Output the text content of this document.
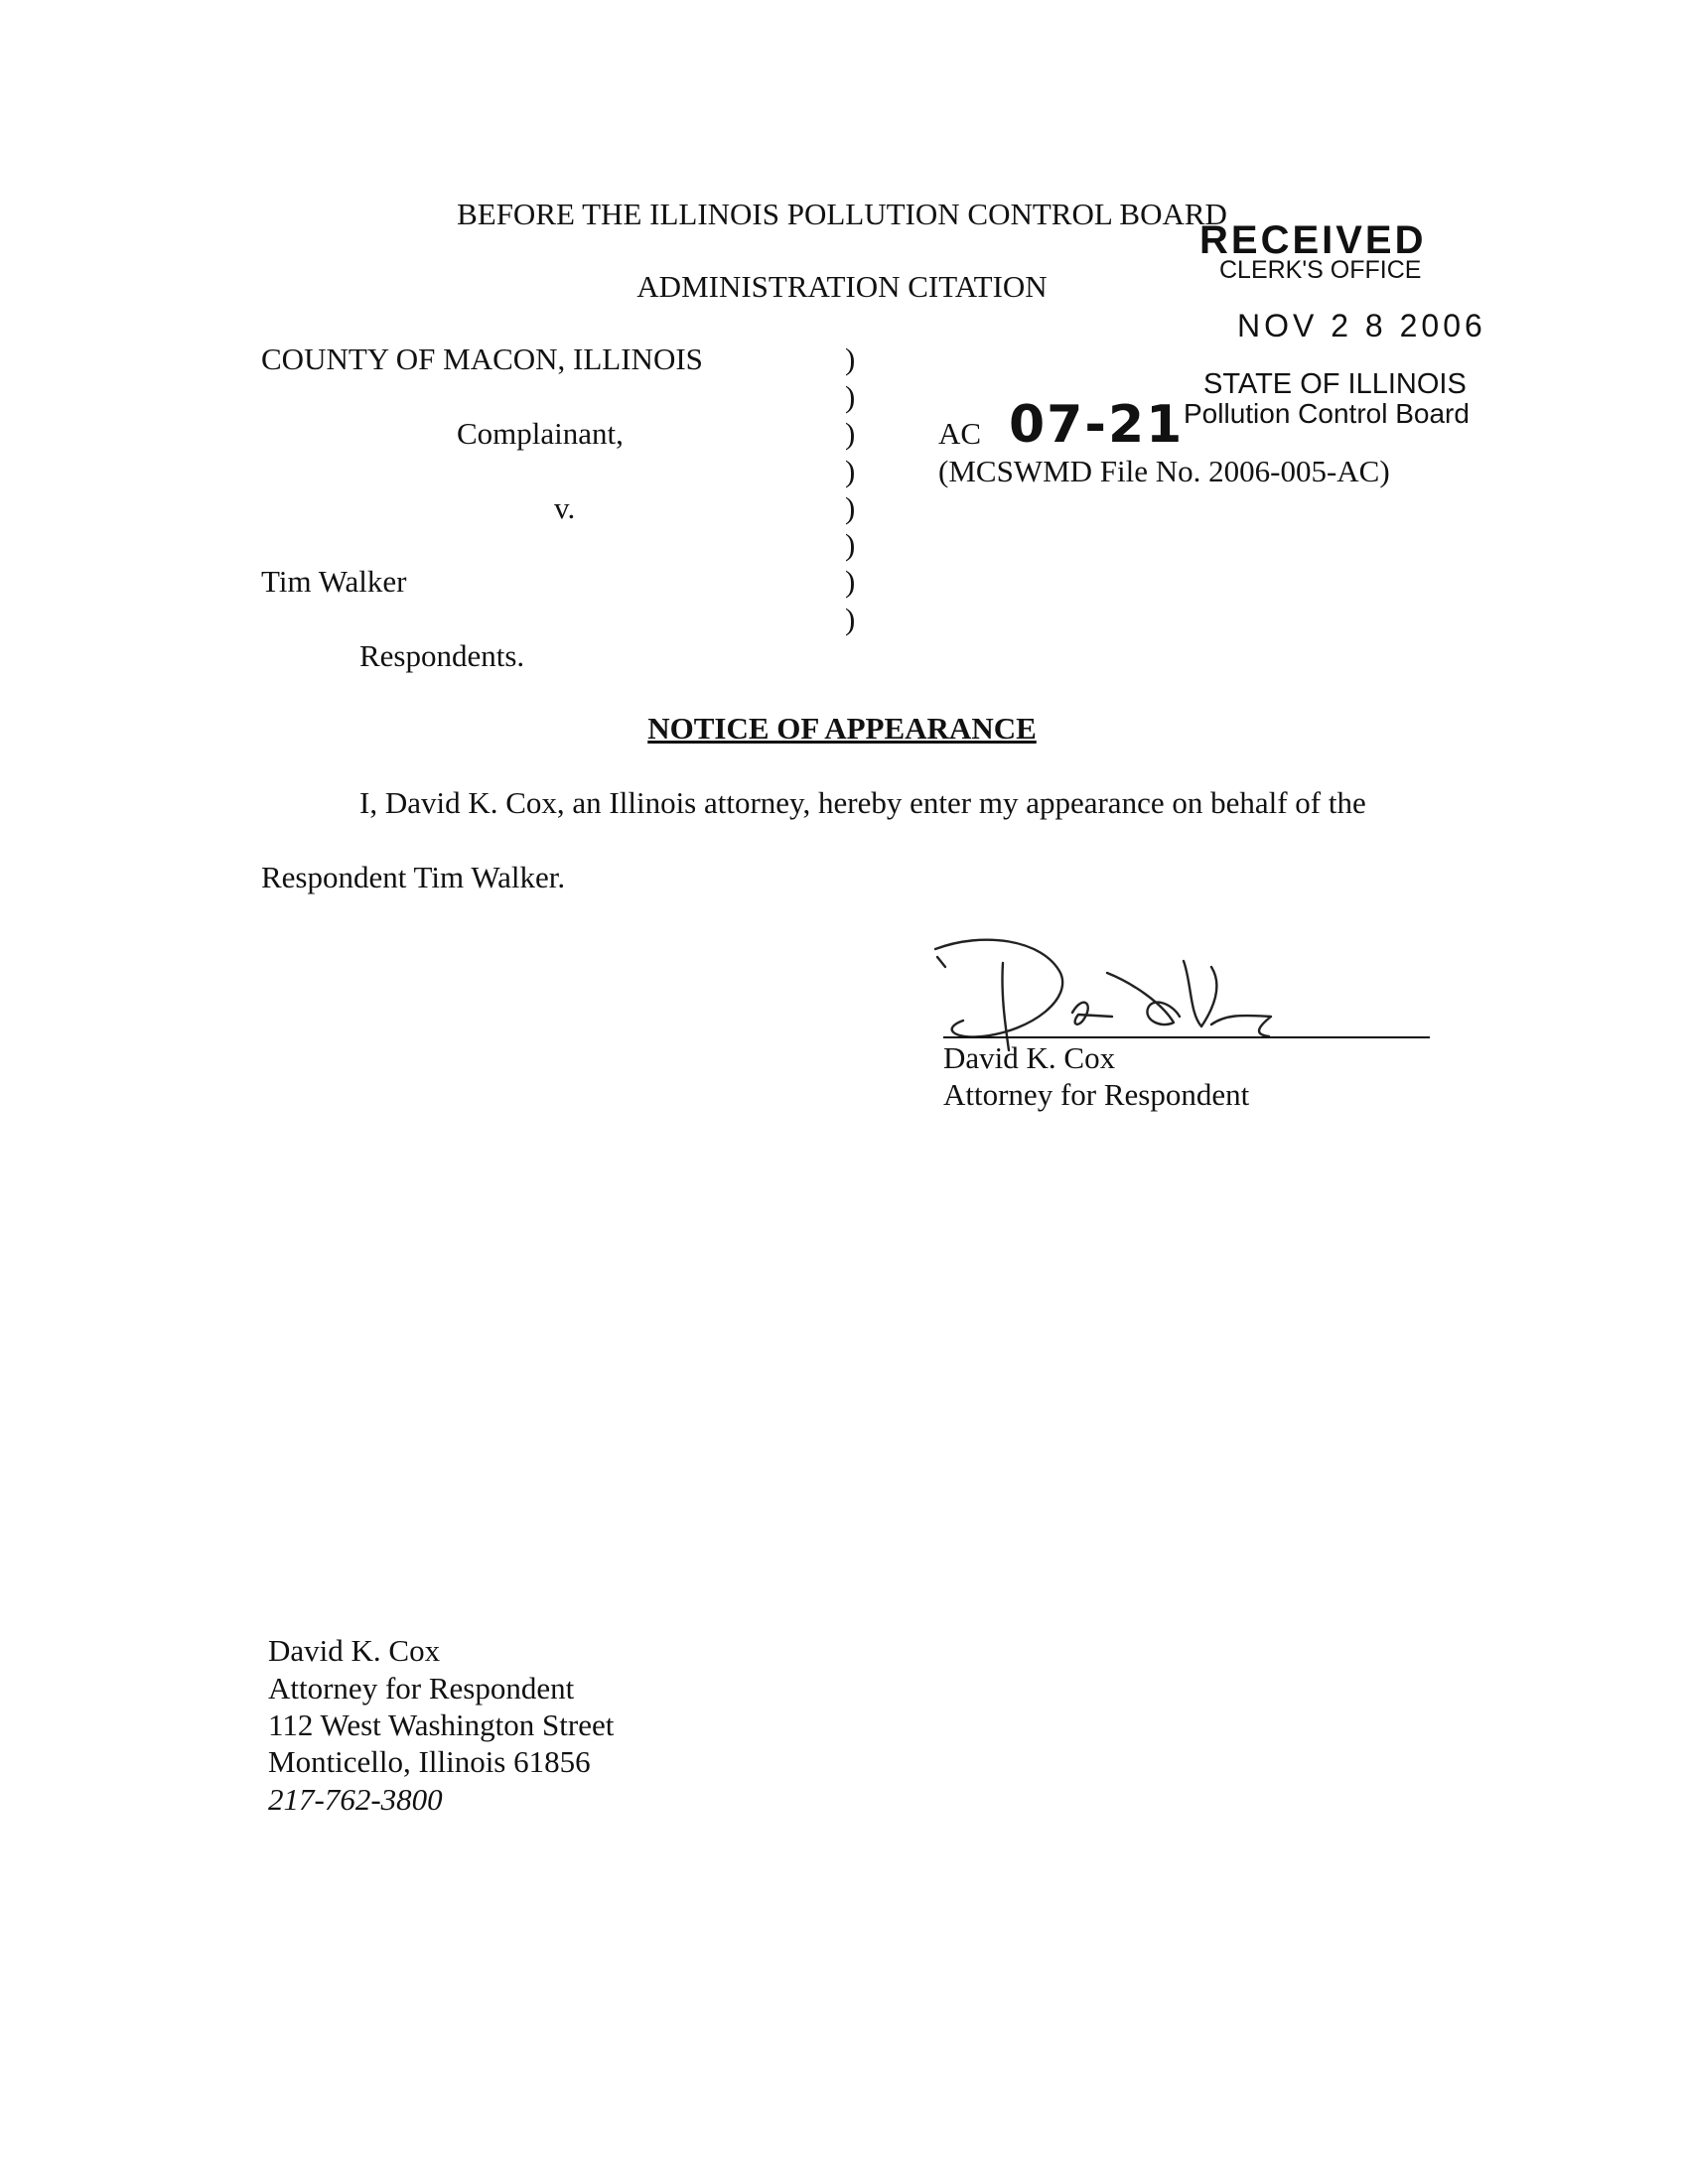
BEFORE THE ILLINOIS POLLUTION CONTROL BOARD
ADMINISTRATION CITATION
RECEIVED
CLERK'S OFFICE
NOV 2 8 2006
STATE OF ILLINOIS
Pollution Control Board
COUNTY OF MACON, ILLINOIS
Complainant,
v.
Tim Walker
Respondents.
)
)
)
)
)
)
)
)
AC 07-21
(MCSWMD File No. 2006-005-AC)
NOTICE OF APPEARANCE
I, David K. Cox, an Illinois attorney, hereby enter my appearance on behalf of the
Respondent Tim Walker.
David K. Cox
Attorney for Respondent
David K. Cox
Attorney for Respondent
112 West Washington Street
Monticello, Illinois 61856
217-762-3800
